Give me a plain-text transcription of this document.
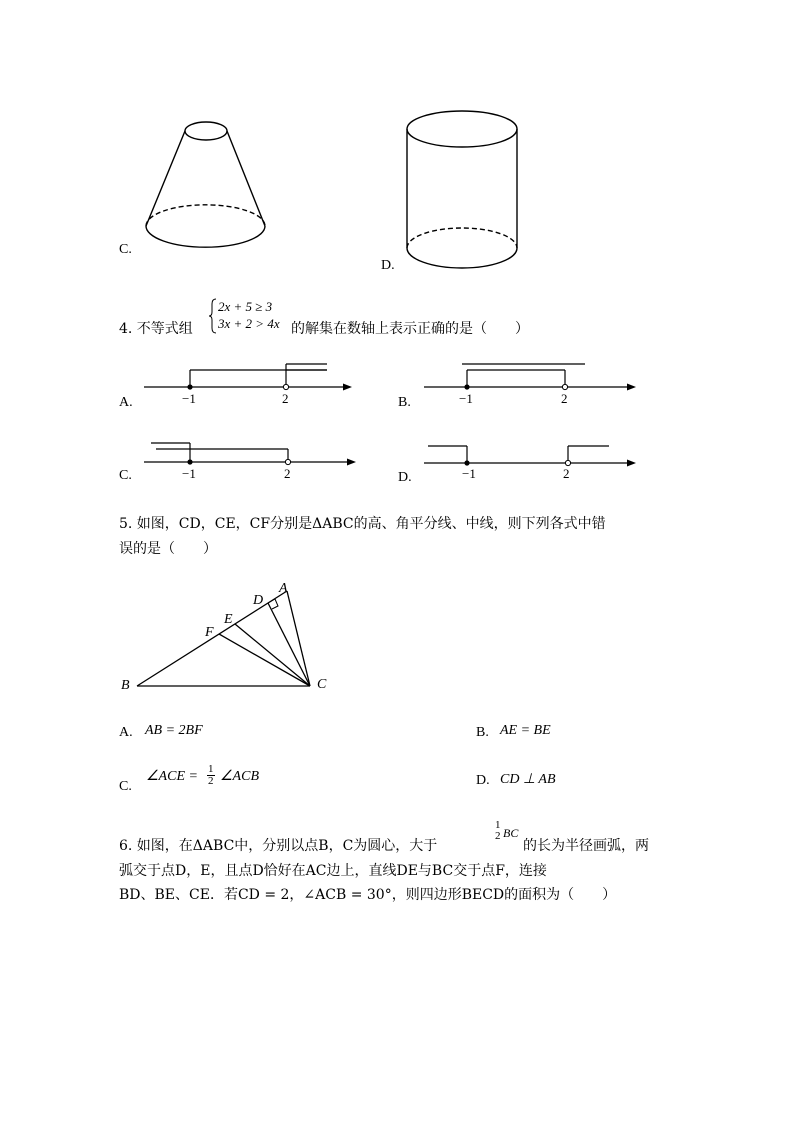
C.
D.
4. 不等式组
2x + 5 ≥ 3
3x + 2 > 4x 的解集在数轴上表示正确的是（　　）
A.	−1	2	B.	−1	2
C.	−1	2	D.	−1	2
5. 如图，CD，CE，CF分别是ΔABC的高、角平分线、中线，则下列各式中错
误的是（　　）
A
D
E
F
B	C
A. AB = 2BF	B. AE = BE
C.
∠ACE = $\frac{1}{2}$ ∠ACB	D. CD ⊥ AB
6. 如图，在ΔABC中，分别以点B，C为圆心，大于
1
2 BC
的长为半径画弧，两
弧交于点D，E，且点D恰好在AC边上，直线DE与BC交于点F，连接
BD、BE、CE．若CD = 2，∠ACB = 30°，则四边形BECD的面积为（　　）
